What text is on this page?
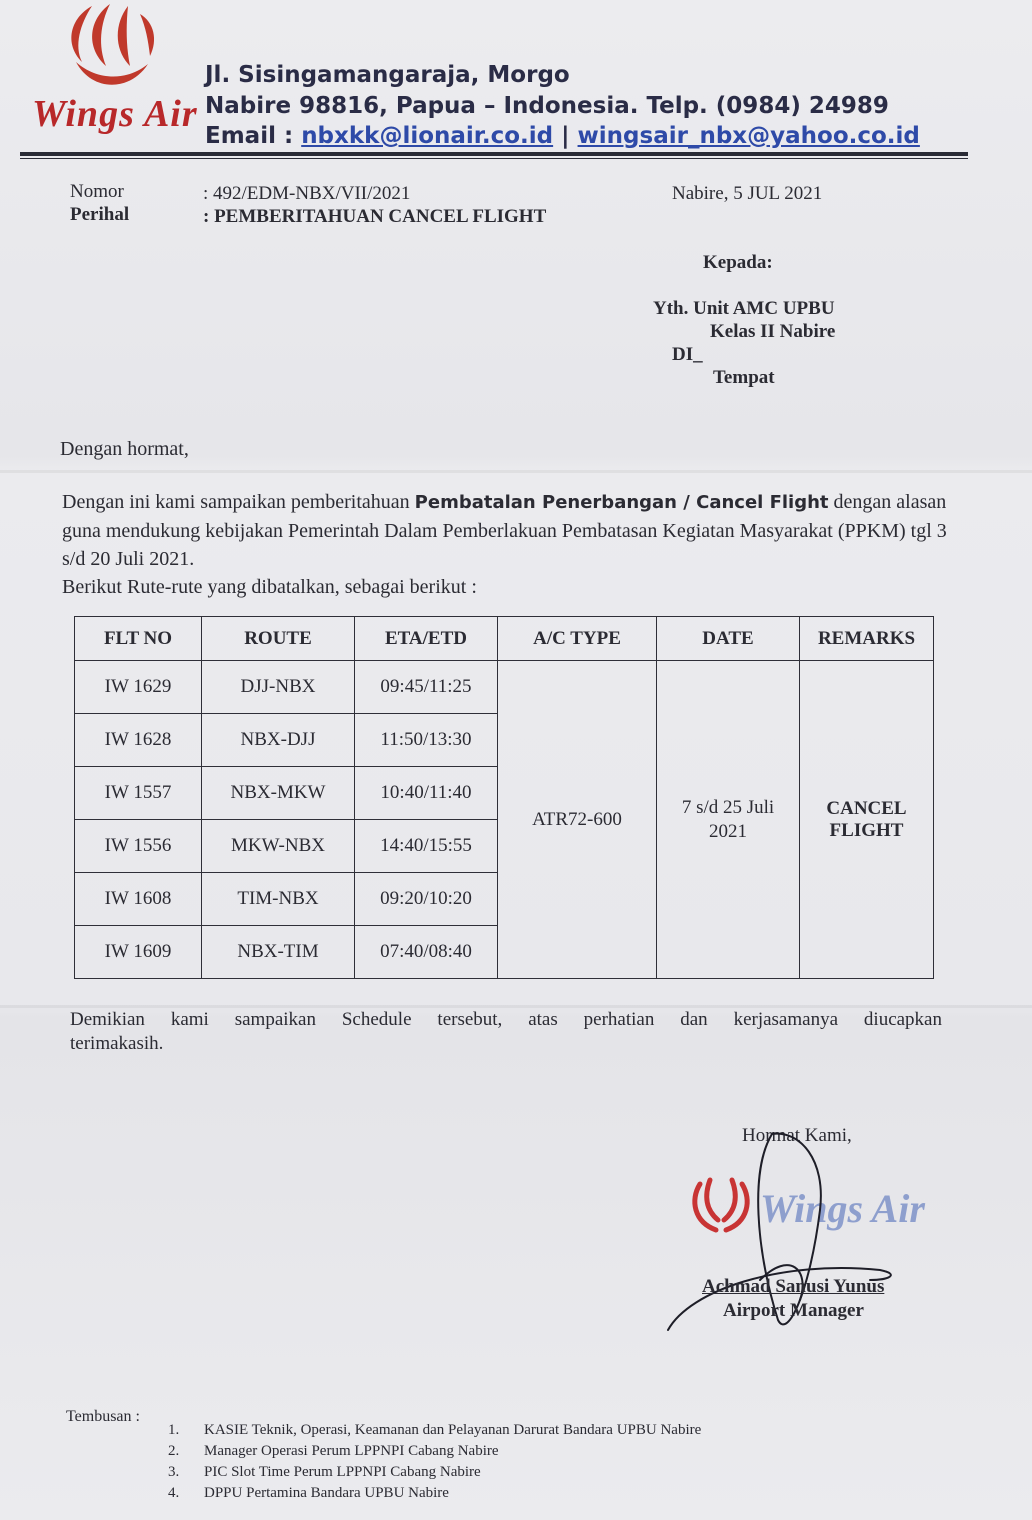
Wings Air
Jl. Sisingamangaraja, Morgo
Nabire 98816, Papua – Indonesia. Telp. (0984) 24989
Email : nbxkk@lionair.co.id | wingsair_nbx@yahoo.co.id
Nomor	: 492/EDM-NBX/VII/2021
Perihal	: PEMBERITAHUAN CANCEL FLIGHT
Nabire, 5 JUL 2021
Kepada:
Yth. Unit AMC UPBU
Kelas II Nabire
DI_
Tempat
Dengan hormat,
Dengan ini kami sampaikan pemberitahuan Pembatalan Penerbangan / Cancel Flight dengan alasan guna mendukung kebijakan Pemerintah Dalam Pemberlakuan Pembatasan Kegiatan Masyarakat (PPKM) tgl 3 s/d 20 Juli 2021.
Berikut Rute-rute yang dibatalkan, sebagai berikut :
FLT NO	ROUTE	ETA/ETD	A/C TYPE	DATE	REMARKS
IW 1629	DJJ-NBX	09:45/11:25	ATR72-600	7 s/d 25 Juli 2021	CANCEL FLIGHT
IW 1628	NBX-DJJ	11:50/13:30			
IW 1557	NBX-MKW	10:40/11:40			
IW 1556	MKW-NBX	14:40/15:55			
IW 1608	TIM-NBX	09:20/10:20			
IW 1609	NBX-TIM	07:40/08:40			
Demikian kami sampaikan Schedule tersebut, atas perhatian dan kerjasamanya diucapkan
terimakasih.
Hormat Kami,
Wings Air
Achmad Sanusi Yunus
Airport Manager
Tembusan :
1. KASIE Teknik, Operasi, Keamanan dan Pelayanan Darurat Bandara UPBU Nabire
2. Manager Operasi Perum LPPNPI Cabang Nabire
3. PIC Slot Time Perum LPPNPI Cabang Nabire
4. DPPU Pertamina Bandara UPBU Nabire
